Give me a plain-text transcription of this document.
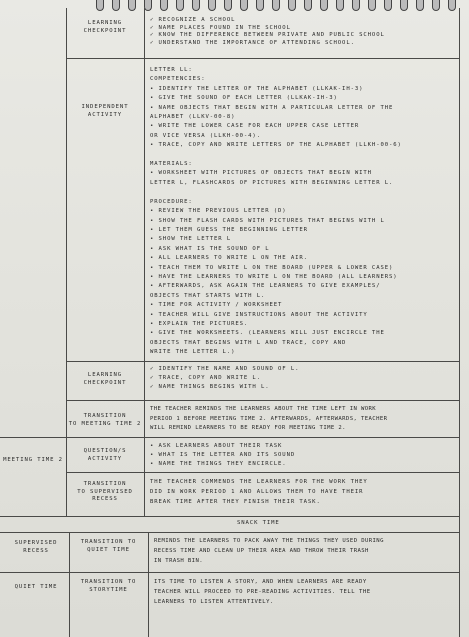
LEARNING
CHECKPOINT
✓ RECOGNIZE A SCHOOL
✓ NAME PLACES FOUND IN THE SCHOOL
✓ KNOW THE DIFFERENCE BETWEEN PRIVATE AND PUBLIC SCHOOL
✓ UNDERSTAND THE IMPORTANCE OF ATTENDING SCHOOL.
INDEPENDENT
ACTIVITY
LETTER LL:
COMPETENCIES:
• IDENTIFY THE LETTER OF THE ALPHABET (LLKAK-IH-3)
• GIVE THE SOUND OF EACH LETTER (LLKAK-IH-3)
• NAME OBJECTS THAT BEGIN WITH A PARTICULAR LETTER OF THE
ALPHABET (LLKV-00-8)
• WRITE THE LOWER CASE FOR EACH UPPER CASE LETTER
OR VICE VERSA (LLKH-00-4).
• TRACE, COPY AND WRITE LETTERS OF THE ALPHABET (LLKH-00-6)

MATERIALS:
• WORKSHEET WITH PICTURES OF OBJECTS THAT BEGIN WITH
LETTER L, FLASHCARDS OF PICTURES WITH BEGINNING LETTER L.

PROCEDURE:
• REVIEW THE PREVIOUS LETTER (D)
• SHOW THE FLASH CARDS WITH PICTURES THAT BEGINS WITH L
• LET THEM GUESS THE BEGINNING LETTER
• SHOW THE LETTER L
• ASK WHAT IS THE SOUND OF L
• ALL LEARNERS TO WRITE L ON THE AIR.
• TEACH THEM TO WRITE L ON THE BOARD (UPPER & LOWER CASE)
• HAVE THE LEARNERS TO WRITE L ON THE BOARD (ALL LEARNERS)
• AFTERWARDS, ASK AGAIN THE LEARNERS TO GIVE EXAMPLES/
OBJECTS THAT STARTS WITH L.
• TIME FOR ACTIVITY / WORKSHEET
• TEACHER WILL GIVE INSTRUCTIONS ABOUT THE ACTIVITY
• EXPLAIN THE PICTURES.
• GIVE THE WORKSHEETS. (LEARNERS WILL JUST ENCIRCLE THE
OBJECTS THAT BEGINS WITH L AND TRACE, COPY AND
WRITE THE LETTER L.)
LEARNING
CHECKPOINT
✓ IDENTIFY THE NAME AND SOUND OF L.
✓ TRACE, COPY AND WRITE L.
✓ NAME THINGS BEGINS WITH L.
TRANSITION
TO MEETING TIME 2
THE TEACHER REMINDS THE LEARNERS ABOUT THE TIME LEFT IN WORK
PERIOD 1 BEFORE MEETING TIME 2. AFTERWARDS, AFTERWARDS, TEACHER
WILL REMIND LEARNERS TO BE READY FOR MEETING TIME 2.
MEETING TIME 2
QUESTION/S
ACTIVITY
• ASK LEARNERS ABOUT THEIR TASK
• WHAT IS THE LETTER AND ITS SOUND
• NAME THE THINGS THEY ENCIRCLE.
TRANSITION
TO SUPERVISED
RECESS
THE TEACHER COMMENDS THE LEARNERS FOR THE WORK THEY
DID IN WORK PERIOD 1 AND ALLOWS THEM TO HAVE THEIR
BREAK TIME AFTER THEY FINISH THEIR TASK.
SNACK TIME
SUPERVISED RECESS
TRANSITION TO
QUIET TIME
REMINDS THE LEARNERS TO PACK AWAY THE THINGS THEY USED DURING
RECESS TIME AND CLEAN UP THEIR AREA AND THROW THEIR TRASH
IN TRASH BIN.
QUIET TIME
TRANSITION TO
STORYTIME
ITS TIME TO LISTEN A STORY, AND WHEN LEARNERS ARE READY
TEACHER WILL PROCEED TO PRE-READING ACTIVITIES. TELL THE
LEARNERS TO LISTEN ATTENTIVELY.
